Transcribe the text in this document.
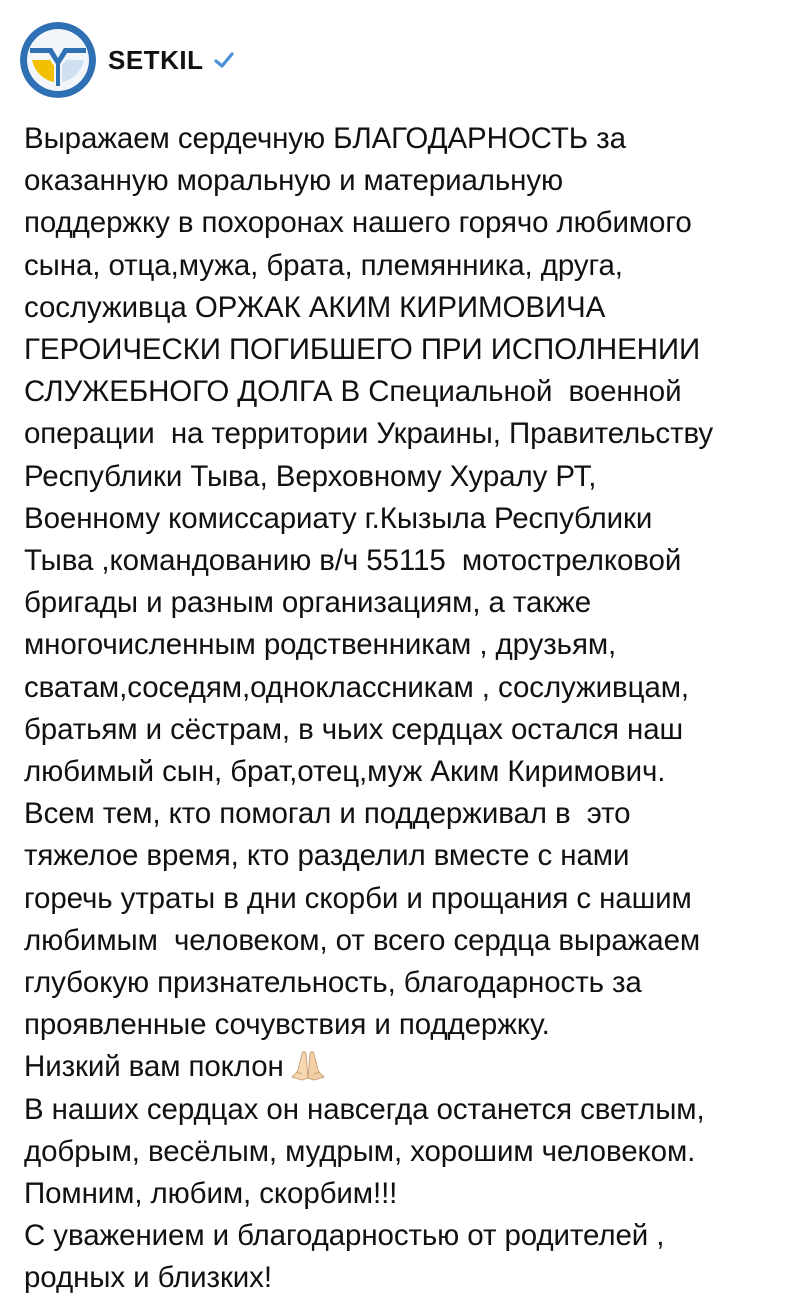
SETKIL
Выражаем сердечную БЛАГОДАРНОСТЬ за
оказанную моральную и материальную
поддержку в похоронах нашего горячо любимого
сына, отца,мужа, брата, племянника, друга,
сослуживца ОРЖАК АКИМ КИРИМОВИЧА
ГЕРОИЧЕСКИ ПОГИБШЕГО ПРИ ИСПОЛНЕНИИ
СЛУЖЕБНОГО ДОЛГА В Специальной  военной
операции  на территории Украины, Правительству
Республики Тыва, Верховному Хуралу РТ,
Военному комиссариату г.Кызыла Республики
Тыва ,командованию в/ч 55115  мотострелковой
бригады и разным организациям, а также
многочисленным родственникам , друзьям,
сватам,соседям,одноклассникам , сослуживцам,
братьям и сёстрам, в чьих сердцах остался наш
любимый сын, брат,отец,муж Аким Киримович.
Всем тем, кто помогал и поддерживал в  это
тяжелое время, кто разделил вместе с нами
горечь утраты в дни скорби и прощания с нашим
любимым  человеком, от всего сердца выражаем
глубокую признательность, благодарность за
проявленные сочувствия и поддержку.
Низкий вам поклон
В наших сердцах он навсегда останется светлым,
добрым, весёлым, мудрым, хорошим человеком.
Помним, любим, скорбим!!!
С уважением и благодарностью от родителей ,
родных и близких!
